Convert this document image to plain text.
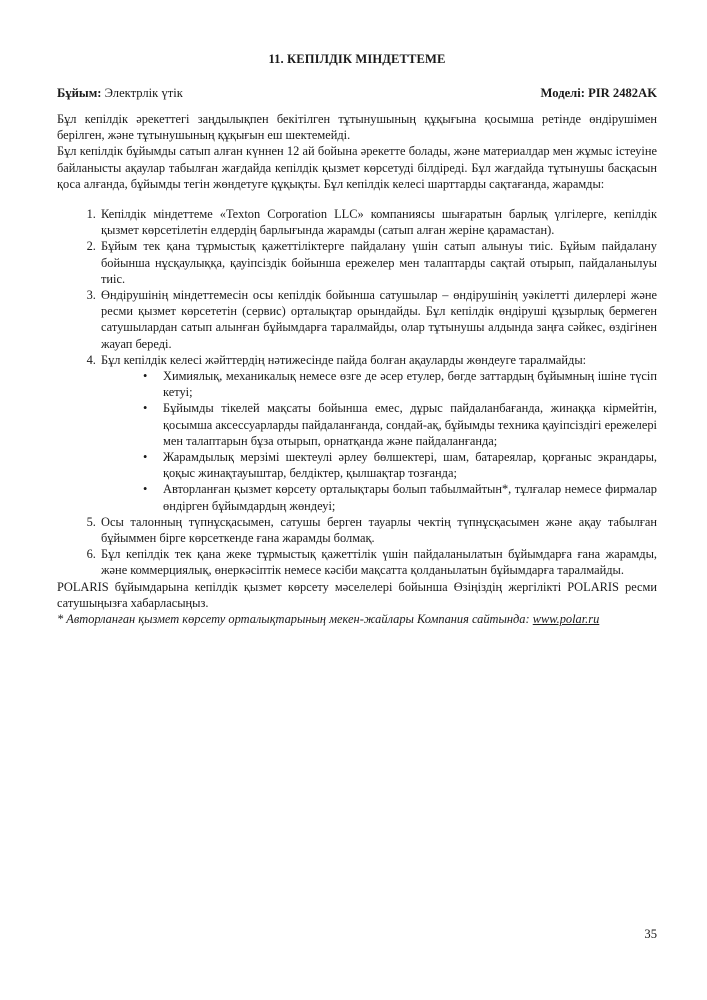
11. КЕПІЛДІК МІНДЕТТЕМЕ
Бұйым: Электрлік үтік	Моделі: PIR 2482AK

Бұл кепілдік әрекеттегі заңдылықпен бекітілген тұтынушының құқығына қосымша ретінде өндірушімен берілген, және тұтынушының құқығын еш шектемейді.

Бұл кепілдік бұйымды сатып алған күннен 12 ай бойына әрекетте болады, және материалдар мен жұмыс істеуіне байланысты ақаулар табылған жағдайда кепілдік қызмет көрсетуді білдіреді. Бұл жағдайда тұтынушы басқасын қоса алғанда, бұйымды тегін жөндетуге құқықты. Бұл кепілдік келесі шарттарды сақтағанда, жарамды:

1. Кепілдік міндеттеме «Texton Corporation LLC» компаниясы шығаратын барлық үлгілерге, кепілдік қызмет көрсетілетін елдердің барлығында жарамды (сатып алған жеріне қарамастан).
2. Бұйым тек қана тұрмыстық қажеттіліктерге пайдалану үшін сатып алынуы тиіс. Бұйым пайдалану бойынша нұсқаулыққа, қауіпсіздік бойынша ережелер мен талаптарды сақтай отырып, пайдаланылуы тиіс.
3. Өндірушінің міндеттемесін осы кепілдік бойынша сатушылар – өндірушінің уәкілетті дилерлері және ресми қызмет көрсететін (сервис) орталықтар орындайды. Бұл кепілдік өндіруші құзырлық бермеген сатушылардан сатып алынған бұйымдарға таралмайды, олар тұтынушы алдында заңға сәйкес, өздігінен жауап береді.
4. Бұл кепілдік келесі жәйттердің нәтижесінде пайда болған ақауларды жөндеуге таралмайды:
• Химиялық, механикалық немесе өзге де әсер етулер, бөгде заттардың бұйымның ішіне түсіп кетуі;
• Бұйымды тікелей мақсаты бойынша емес, дұрыс пайдаланбағанда, жинаққа кірмейтін, қосымша аксессуарларды пайдаланғанда, сондай-ақ, бұйымды техника қауіпсіздігі ережелері мен талаптарын бұза отырып, орнатқанда және пайдаланғанда;
• Жарамдылық мерзімі шектеулі әрлеу бөлшектері, шам, батареялар, қорғаныс экрандары, қоқыс жинақтауыштар, белдіктер, қылшақтар тозғанда;
• Авторланған қызмет көрсету орталықтары болып табылмайтын*, тұлғалар немесе фирмалар өндірген бұйымдардың жөндеуі;
5. Осы талонның түпнұсқасымен, сатушы берген тауарлы чектің түпнұсқасымен және ақау табылған бұйыммен бірге көрсеткенде ғана жарамды болмақ.
6. Бұл кепілдік тек қана жеке тұрмыстық қажеттілік үшін пайдаланылатын бұйымдарға ғана жарамды, және коммерциялық, өнеркәсіптік немесе кәсіби мақсатта қолданылатын бұйымдарға таралмайды.

POLARIS бұйымдарына кепілдік қызмет көрсету мәселелері бойынша Өзіңіздің жергілікті POLARIS ресми сатушыңызға хабарласыңыз.

* Авторланған қызмет көрсету орталықтарының мекен-жайлары Компания сайтында: www.polar.ru

35
